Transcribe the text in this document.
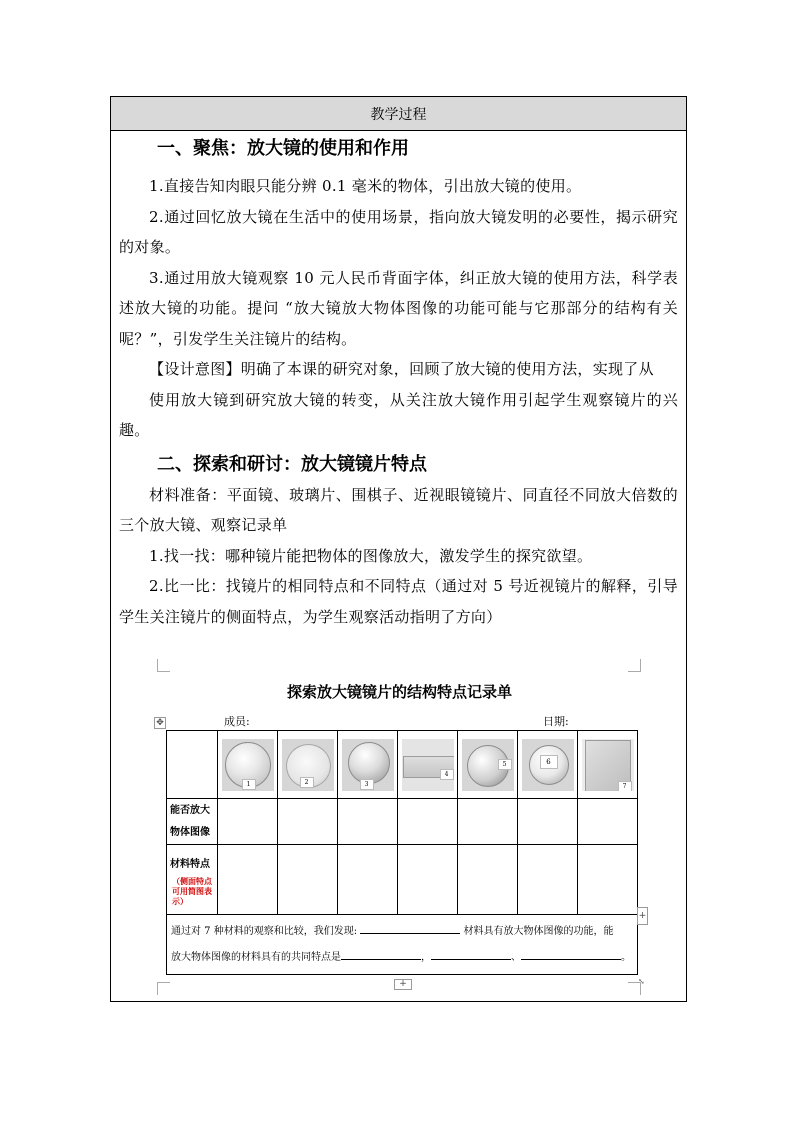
教学过程
一、聚焦：放大镜的使用和作用

1.直接告知肉眼只能分辨 0.1 毫米的物体，引出放大镜的使用。

2.通过回忆放大镜在生活中的使用场景，指向放大镜发明的必要性，揭示研究的对象。

3.通过用放大镜观察 10 元人民币背面字体，纠正放大镜的使用方法，科学表述放大镜的功能。提问 “放大镜放大物体图像的功能可能与它那部分的结构有关呢？”，引发学生关注镜片的结构。

【设计意图】明确了本课的研究对象，回顾了放大镜的使用方法，实现了从

使用放大镜到研究放大镜的转变，从关注放大镜作用引起学生观察镜片的兴趣。

二、探索和研讨：放大镜镜片特点

材料准备：平面镜、玻璃片、围棋子、近视眼镜镜片、同直径不同放大倍数的三个放大镜、观察记录单

1.找一找：哪种镜片能把物体的图像放大，激发学生的探究欲望。

2.比一比：找镜片的相同特点和不同特点（通过对 5 号近视镜片的解释，引导学生关注镜片的侧面特点，为学生观察活动指明了方向）

探索放大镜镜片的结构特点记录单
成员:	日期:
✥

	1	2	3	4	5	6	7

能否放大物体图像							
材料特点
（侧面特点可用简图表示）							

通过对 7 种材料的观察和比较，我们发现: 材料具有放大物体图像的功能，能
放大物体图像的材料具有的共同特点是 ， 、 。							
+
+	⤡
